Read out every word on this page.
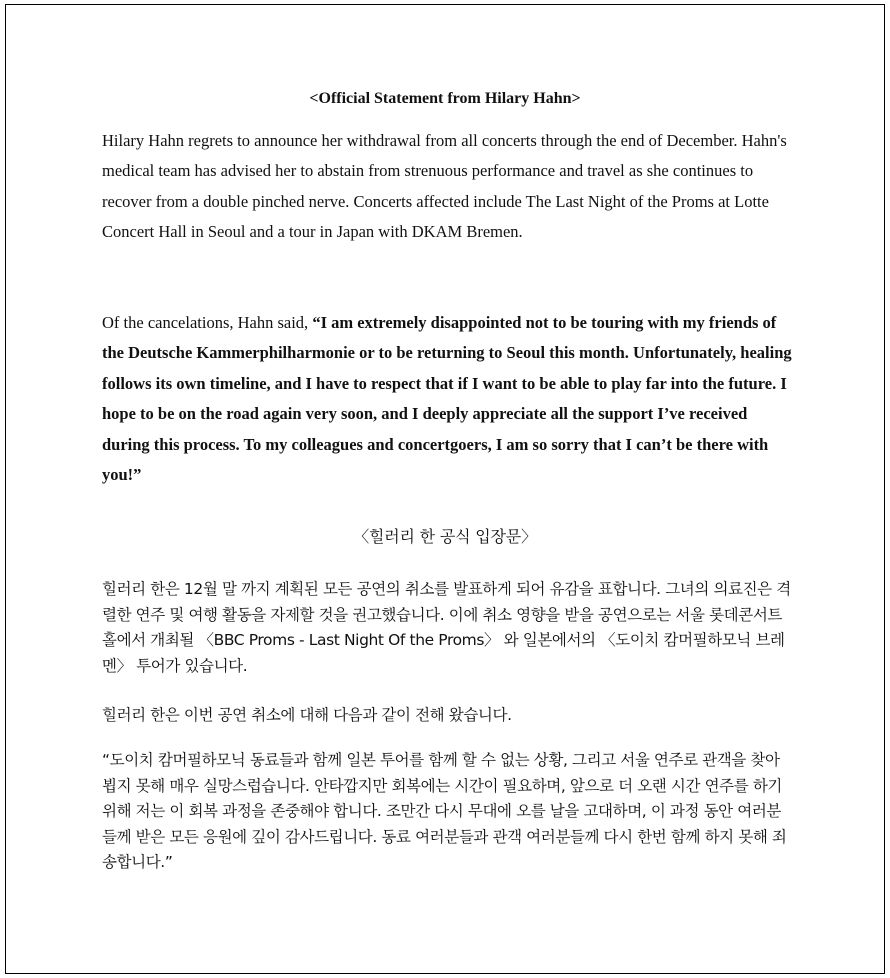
<Official Statement from Hilary Hahn>

Hilary Hahn regrets to announce her withdrawal from all concerts through the end of December. Hahn's medical team has advised her to abstain from strenuous performance and travel as she continues to recover from a double pinched nerve. Concerts affected include The Last Night of the Proms at Lotte Concert Hall in Seoul and a tour in Japan with DKAM Bremen.

Of the cancelations, Hahn said, “I am extremely disappointed not to be touring with my friends of the Deutsche Kammerphilharmonie or to be returning to Seoul this month. Unfortunately, healing follows its own timeline, and I have to respect that if I want to be able to play far into the future. I hope to be on the road again very soon, and I deeply appreciate all the support I’ve received during this process. To my colleagues and concertgoers, I am so sorry that I can’t be there with you!”

〈힐러리 한 공식 입장문〉

힐러리 한은 12월 말 까지 계획된 모든 공연의 취소를 발표하게 되어 유감을 표합니다. 그녀의 의료진은 격렬한 연주 및 여행 활동을 자제할 것을 권고했습니다. 이에 취소 영향을 받을 공연으로는 서울 롯데콘서트홀에서 개최될 〈BBC Proms - Last Night Of the Proms〉 와 일본에서의 〈도이치 캄머필하모닉 브레멘〉 투어가 있습니다.

힐러리 한은 이번 공연 취소에 대해 다음과 같이 전해 왔습니다.

“도이치 캄머필하모닉 동료들과 함께 일본 투어를 함께 할 수 없는 상황, 그리고 서울 연주로 관객을 찾아 뵙지 못해 매우 실망스럽습니다. 안타깝지만 회복에는 시간이 필요하며, 앞으로 더 오랜 시간 연주를 하기 위해 저는 이 회복 과정을 존중해야 합니다. 조만간 다시 무대에 오를 날을 고대하며, 이 과정 동안 여러분들께 받은 모든 응원에 깊이 감사드립니다. 동료 여러분들과 관객 여러분들께 다시 한번 함께 하지 못해 죄송합니다.”
